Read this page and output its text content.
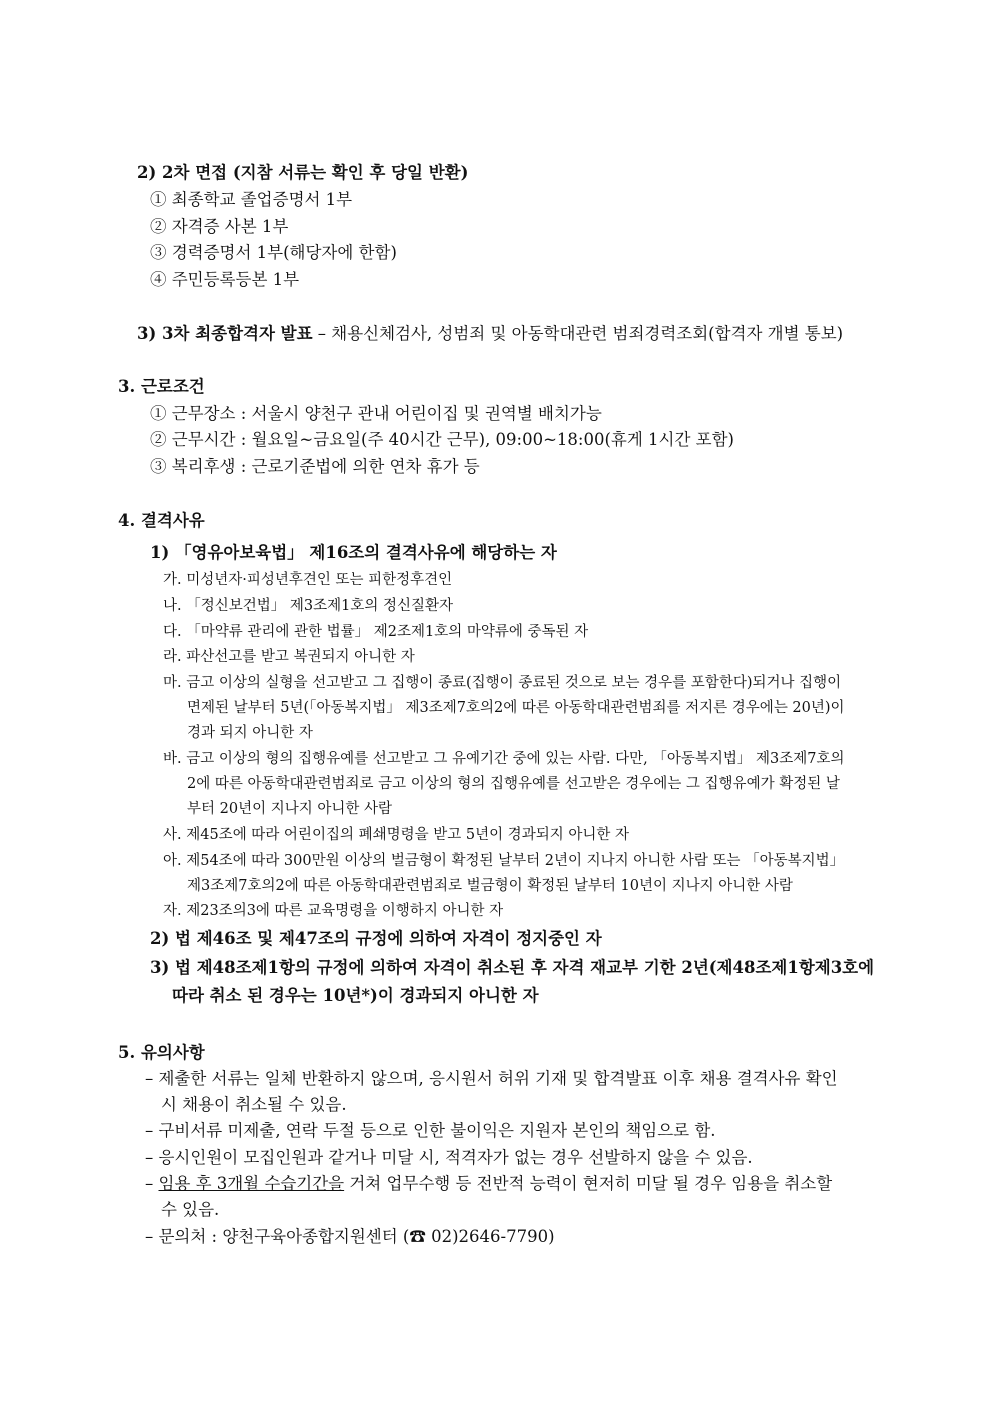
2) 2차 면접 (지참 서류는 확인 후 당일 반환)
① 최종학교 졸업증명서 1부
② 자격증 사본 1부
③ 경력증명서 1부(해당자에 한함)
④ 주민등록등본 1부
3) 3차 최종합격자 발표 – 채용신체검사, 성범죄 및 아동학대관련 범죄경력조회(합격자 개별 통보)
3. 근로조건
① 근무장소 : 서울시 양천구 관내 어린이집 및 권역별 배치가능
② 근무시간 : 월요일~금요일(주 40시간 근무), 09:00~18:00(휴게 1시간 포함)
③ 복리후생 : 근로기준법에 의한 연차 휴가 등
4. 결격사유
1) 「영유아보육법」 제16조의 결격사유에 해당하는 자
가. 미성년자·피성년후견인 또는 피한정후견인
나. 「정신보건법」 제3조제1호의 정신질환자
다. 「마약류 관리에 관한 법률」 제2조제1호의 마약류에 중독된 자
라. 파산선고를 받고 복권되지 아니한 자
마. 금고 이상의 실형을 선고받고 그 집행이 종료(집행이 종료된 것으로 보는 경우를 포함한다)되거나 집행이
면제된 날부터 5년(「아동복지법」 제3조제7호의2에 따른 아동학대관련범죄를 저지른 경우에는 20년)이
경과 되지 아니한 자
바. 금고 이상의 형의 집행유예를 선고받고 그 유예기간 중에 있는 사람. 다만, 「아동복지법」 제3조제7호의
2에 따른 아동학대관련범죄로 금고 이상의 형의 집행유예를 선고받은 경우에는 그 집행유예가 확정된 날
부터 20년이 지나지 아니한 사람
사. 제45조에 따라 어린이집의 폐쇄명령을 받고 5년이 경과되지 아니한 자
아. 제54조에 따라 300만원 이상의 벌금형이 확정된 날부터 2년이 지나지 아니한 사람 또는 「아동복지법」
제3조제7호의2에 따른 아동학대관련범죄로 벌금형이 확정된 날부터 10년이 지나지 아니한 사람
자. 제23조의3에 따른 교육명령을 이행하지 아니한 자
2) 법 제46조 및 제47조의 규정에 의하여 자격이 정지중인 자
3) 법 제48조제1항의 규정에 의하여 자격이 취소된 후 자격 재교부 기한 2년(제48조제1항제3호에
따라 취소 된 경우는 10년*)이 경과되지 아니한 자
5. 유의사항
– 제출한 서류는 일체 반환하지 않으며, 응시원서 허위 기재 및 합격발표 이후 채용 결격사유 확인
시 채용이 취소될 수 있음.
– 구비서류 미제출, 연락 두절 등으로 인한 불이익은 지원자 본인의 책임으로 함.
– 응시인원이 모집인원과 같거나 미달 시, 적격자가 없는 경우 선발하지 않을 수 있음.
– 임용 후 3개월 수습기간을 거쳐 업무수행 등 전반적 능력이 현저히 미달 될 경우 임용을 취소할
수 있음.
– 문의처 : 양천구육아종합지원센터 (☎ 02)2646-7790)
